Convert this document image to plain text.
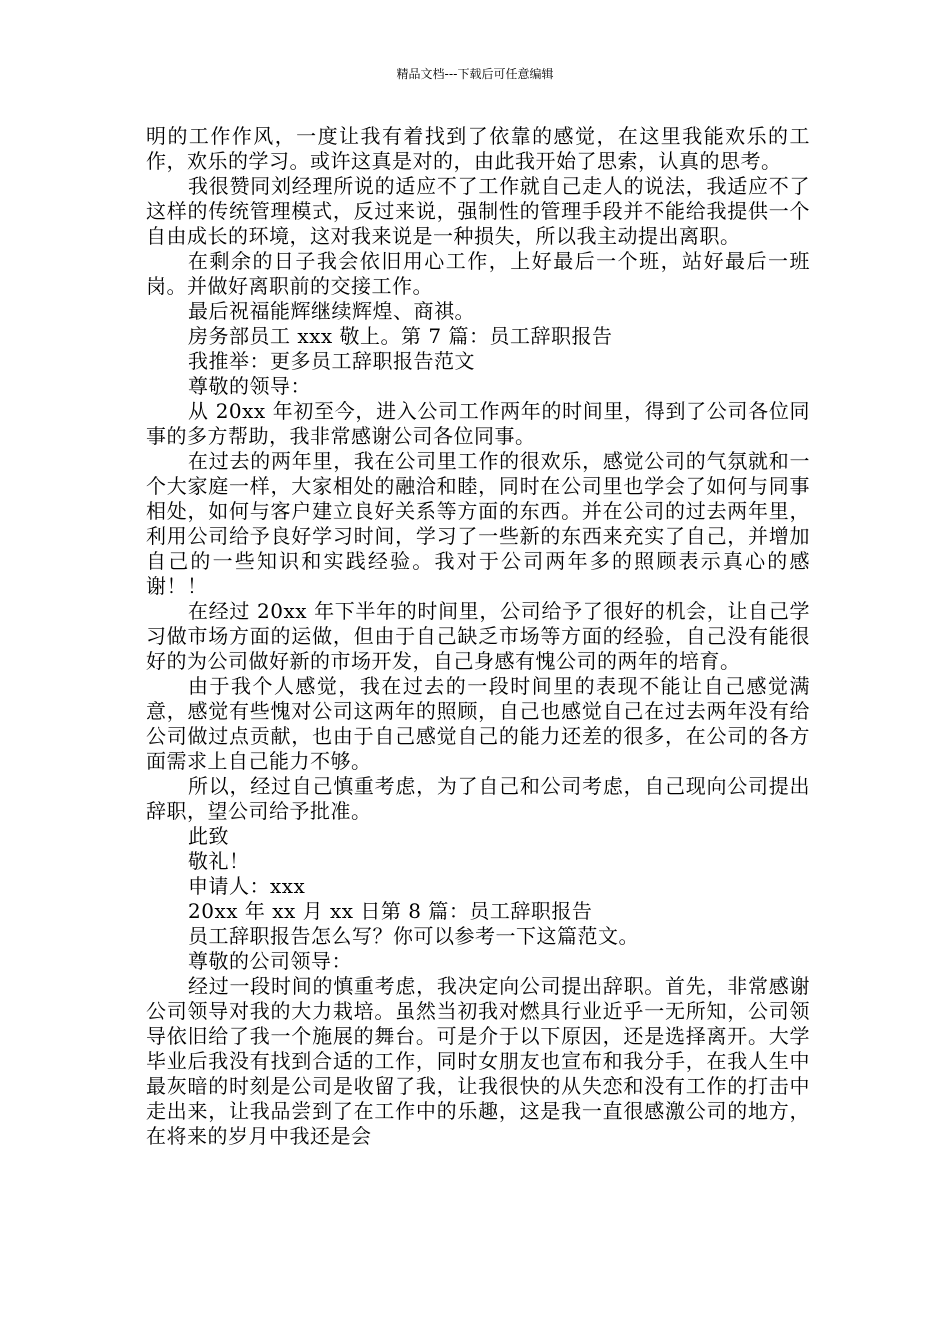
精品文档---下载后可任意编辑

明的工作作风，一度让我有着找到了依靠的感觉，在这里我能欢乐的工作，欢乐的学习。或许这真是对的，由此我开始了思索，认真的思考。

我很赞同刘经理所说的适应不了工作就自己走人的说法，我适应不了这样的传统管理模式，反过来说，强制性的管理手段并不能给我提供一个自由成长的环境，这对我来说是一种损失，所以我主动提出离职。

在剩余的日子我会依旧用心工作，上好最后一个班，站好最后一班岗。并做好离职前的交接工作。

最后祝福能辉继续辉煌、商祺。

房务部员工 xxx 敬上。第 7 篇：员工辞职报告

我推举：更多员工辞职报告范文

尊敬的领导：

从 20xx 年初至今，进入公司工作两年的时间里，得到了公司各位同事的多方帮助，我非常感谢公司各位同事。

在过去的两年里，我在公司里工作的很欢乐，感觉公司的气氛就和一个大家庭一样，大家相处的融洽和睦，同时在公司里也学会了如何与同事相处，如何与客户建立良好关系等方面的东西。并在公司的过去两年里，利用公司给予良好学习时间，学习了一些新的东西来充实了自己，并增加自己的一些知识和实践经验。我对于公司两年多的照顾表示真心的感谢！！

在经过 20xx 年下半年的时间里，公司给予了很好的机会，让自己学习做市场方面的运做，但由于自己缺乏市场等方面的经验，自己没有能很好的为公司做好新的市场开发，自己身感有愧公司的两年的培育。

由于我个人感觉，我在过去的一段时间里的表现不能让自己感觉满意，感觉有些愧对公司这两年的照顾，自己也感觉自己在过去两年没有给公司做过点贡献，也由于自己感觉自己的能力还差的很多，在公司的各方面需求上自己能力不够。

所以，经过自己慎重考虑，为了自己和公司考虑，自己现向公司提出辞职，望公司给予批准。

此致

敬礼！

申请人：xxx

20xx 年 xx 月 xx 日第 8 篇：员工辞职报告

员工辞职报告怎么写？你可以参考一下这篇范文。

尊敬的公司领导：

经过一段时间的慎重考虑，我决定向公司提出辞职。首先，非常感谢公司领导对我的大力栽培。虽然当初我对燃具行业近乎一无所知，公司领导依旧给了我一个施展的舞台。可是介于以下原因，还是选择离开。大学毕业后我没有找到合适的工作，同时女朋友也宣布和我分手，在我人生中最灰暗的时刻是公司是收留了我，让我很快的从失恋和没有工作的打击中走出来，让我品尝到了在工作中的乐趣，这是我一直很感激公司的地方，在将来的岁月中我还是会
